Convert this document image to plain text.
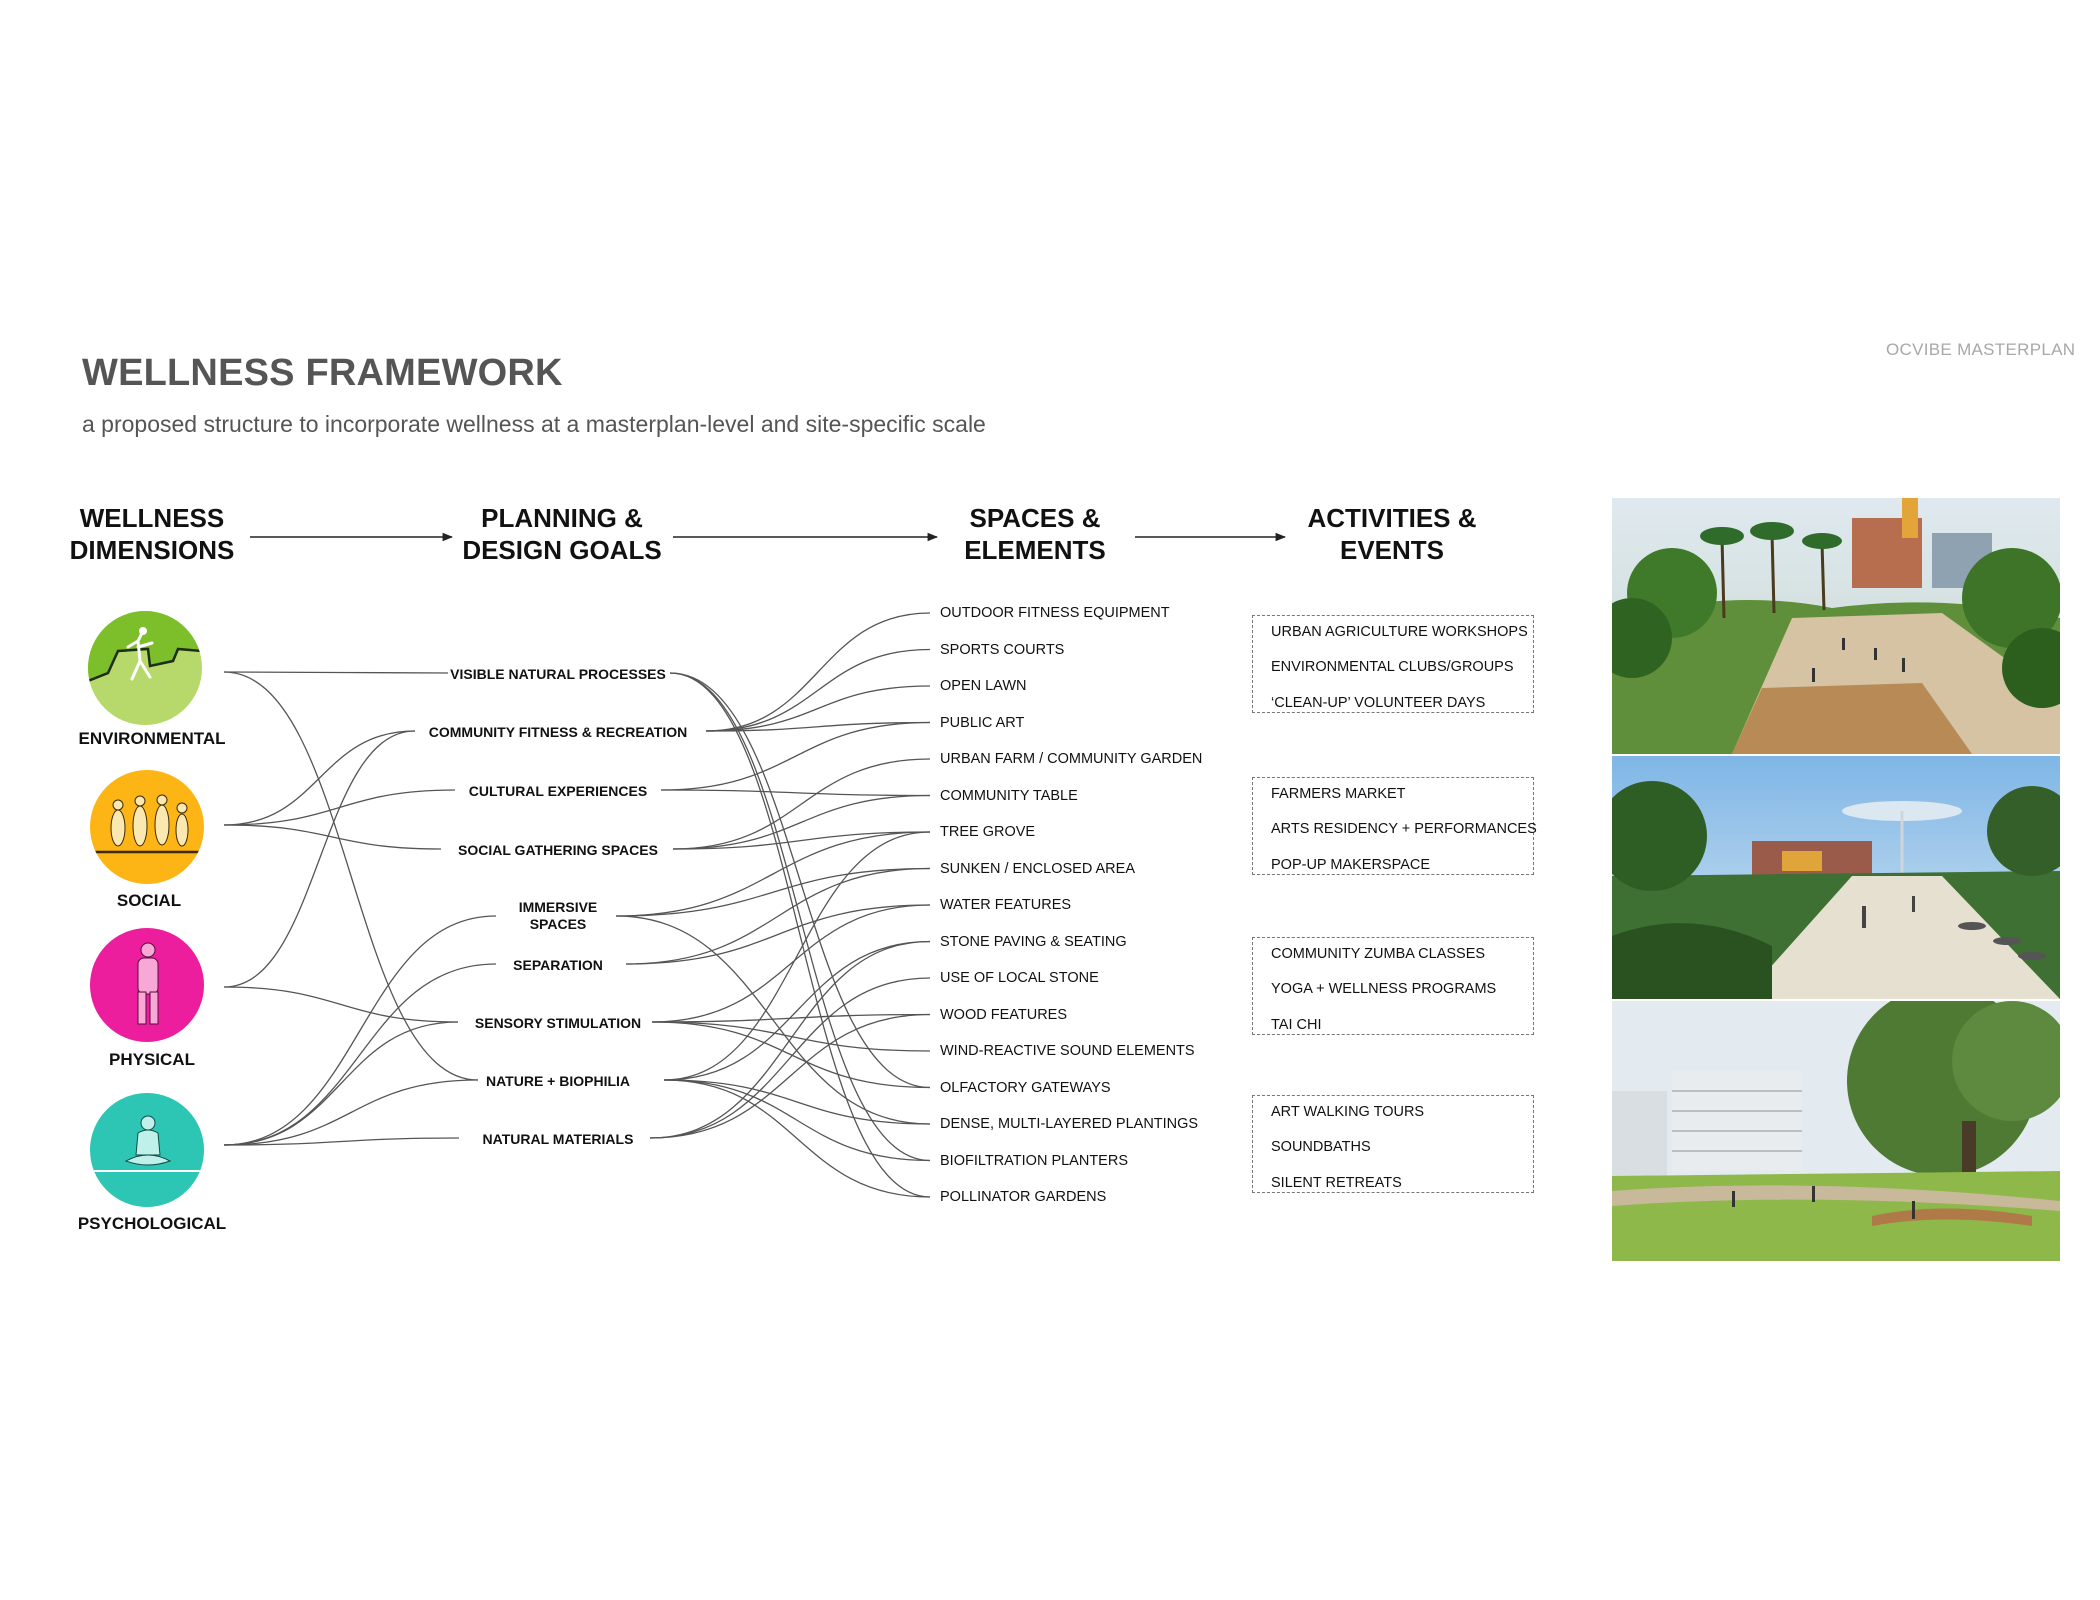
WELLNESS FRAMEWORK
a proposed structure to incorporate wellness at a masterplan-level and site-specific scale
OCVIBE MASTERPLAN
WELLNESS
DIMENSIONS
PLANNING &
DESIGN GOALS
SPACES &
ELEMENTS
ACTIVITIES &
EVENTS
ENVIRONMENTAL
SOCIAL
PHYSICAL
PSYCHOLOGICAL
VISIBLE NATURAL PROCESSES
COMMUNITY FITNESS & RECREATION
CULTURAL EXPERIENCES
SOCIAL GATHERING SPACES
IMMERSIVE
SPACES
SEPARATION
SENSORY STIMULATION
NATURE + BIOPHILIA
NATURAL MATERIALS
OUTDOOR FITNESS EQUIPMENT
SPORTS COURTS
OPEN LAWN
PUBLIC ART
URBAN FARM / COMMUNITY GARDEN
COMMUNITY TABLE
TREE GROVE
SUNKEN / ENCLOSED AREA
WATER FEATURES
STONE PAVING & SEATING
USE OF LOCAL STONE
WOOD FEATURES
WIND-REACTIVE SOUND ELEMENTS
OLFACTORY GATEWAYS
DENSE, MULTI-LAYERED PLANTINGS
BIOFILTRATION PLANTERS
POLLINATOR GARDENS
URBAN AGRICULTURE WORKSHOPS
ENVIRONMENTAL CLUBS/GROUPS
‘CLEAN-UP’ VOLUNTEER DAYS
FARMERS MARKET
ARTS RESIDENCY + PERFORMANCES
POP-UP MAKERSPACE
COMMUNITY ZUMBA CLASSES
YOGA + WELLNESS PROGRAMS
TAI CHI
ART WALKING TOURS
SOUNDBATHS
SILENT RETREATS
